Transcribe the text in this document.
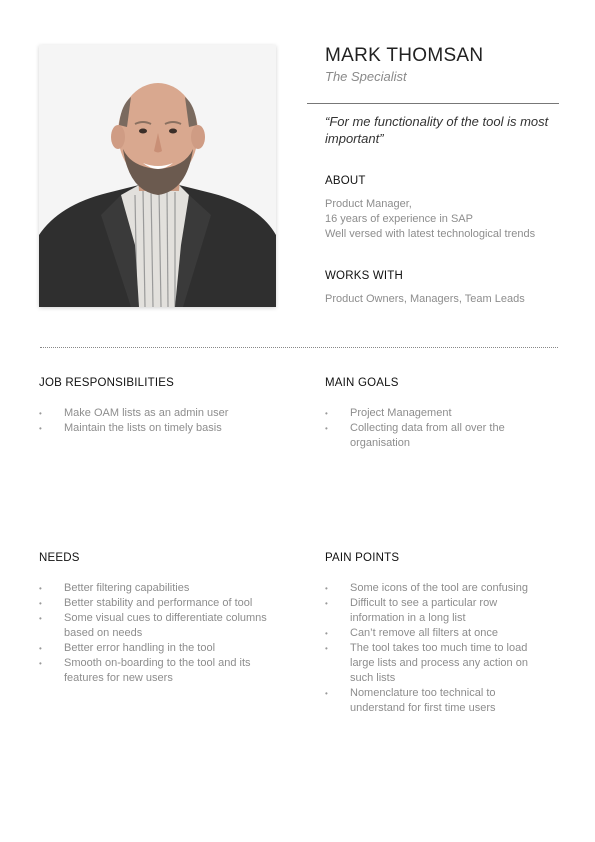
MARK THOMSAN
The Specialist
“For me functionality of the tool is most important”
ABOUT
Product Manager,
16 years of experience in SAP
Well versed with latest technological trends
WORKS WITH
Product Owners, Managers, Team Leads
JOB RESPONSIBILITIES
• Make OAM lists as an admin user
• Maintain the lists on timely basis
MAIN GOALS
• Project Management
• Collecting data from all over the organisation
NEEDS
• Better filtering capabilities
• Better stability and performance of tool
• Some visual cues to differentiate columns based on needs
• Better error handling in the tool
• Smooth on-boarding to the tool and its features for new users
PAIN POINTS
• Some icons of the tool are confusing
• Difficult to see a particular row information in a long list
• Can’t remove all filters at once
• The tool takes too much time to load large lists and process any action on such lists
• Nomenclature too technical to understand for first time users
